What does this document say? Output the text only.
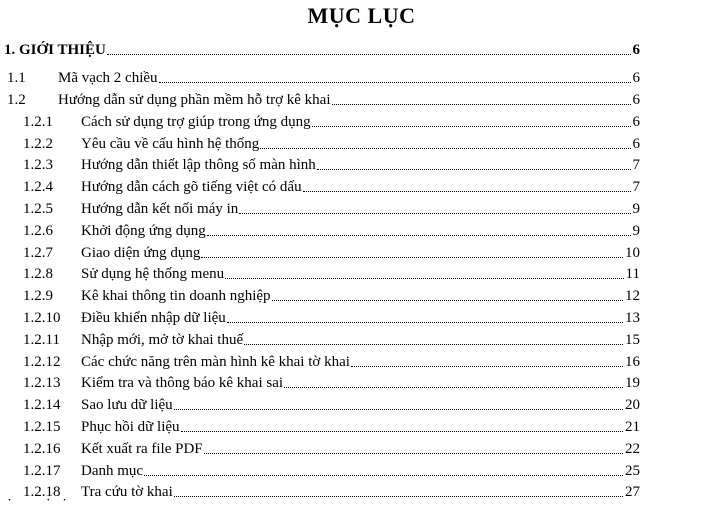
MỤC LỤC
1. GIỚI THIỆU	6
1.1	Mã vạch 2 chiều	6
1.2	Hướng dẫn sử dụng phần mềm hỗ trợ kê khai	6
1.2.1	Cách sử dụng trợ giúp trong ứng dụng	6
1.2.2	Yêu cầu về cấu hình hệ thống	6
1.2.3	Hướng dẫn thiết lập thông số màn hình	7
1.2.4	Hướng dẫn cách gõ tiếng việt có dấu	7
1.2.5	Hướng dẫn kết nối máy in	9
1.2.6	Khởi động ứng dụng	9
1.2.7	Giao diện ứng dụng	10
1.2.8	Sử dụng hệ thống menu	11
1.2.9	Kê khai thông tin doanh nghiệp	12
1.2.10	Điều khiển nhập dữ liệu	13
1.2.11	Nhập mới, mở tờ khai thuế	15
1.2.12	Các chức năng trên màn hình kê khai tờ khai	16
1.2.13	Kiểm tra và thông báo kê khai sai	19
1.2.14	Sao lưu dữ liệu	20
1.2.15	Phục hồi dữ liệu	21
1.2.16	Kết xuất ra file PDF	22
1.2.17	Danh mục	25
1.2.18	Tra cứu tờ khai	27
˙         ˙   ˙
